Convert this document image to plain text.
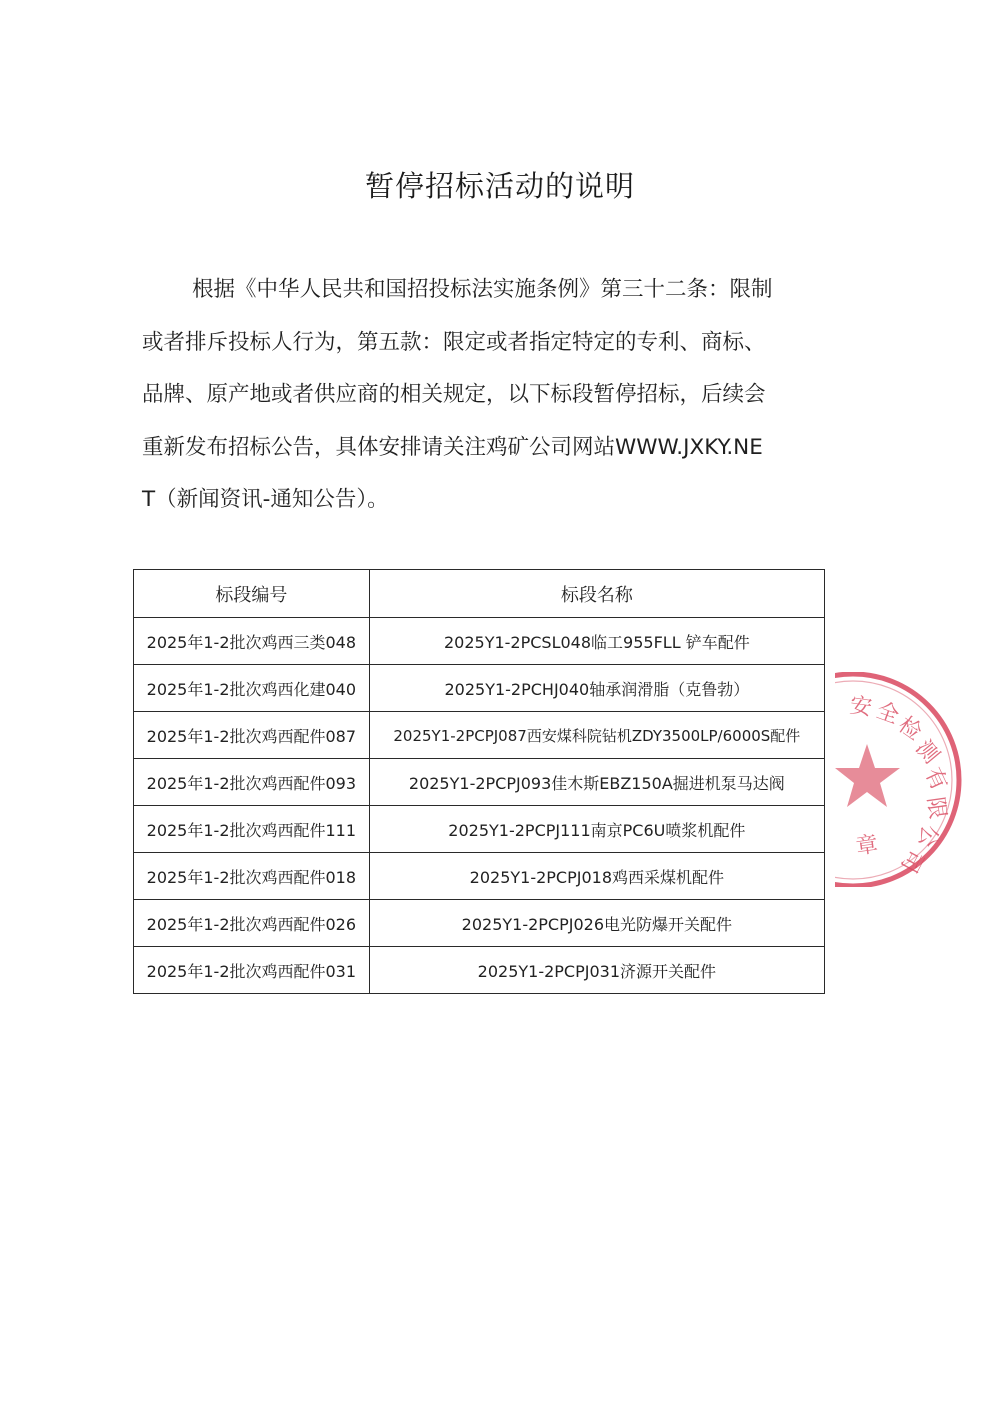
暂停招标活动的说明
根据《中华人民共和国招投标法实施条例》第三十二条：限制
或者排斥投标人行为，第五款：限定或者指定特定的专利、商标、
品牌、原产地或者供应商的相关规定，以下标段暂停招标，后续会
重新发布招标公告，具体安排请关注鸡矿公司网站WWW.JXKY.NE
T（新闻资讯-通知公告）。
标段编号	标段名称
2025年1-2批次鸡西三类048	2025Y1-2PCSL048临工955FLL 铲车配件
2025年1-2批次鸡西化建040	2025Y1-2PCHJ040轴承润滑脂（克鲁勃）
2025年1-2批次鸡西配件087	2025Y1-2PCPJ087西安煤科院钻机ZDY3500LP/6000S配件
2025年1-2批次鸡西配件093	2025Y1-2PCPJ093佳木斯EBZ150A掘进机泵马达阀
2025年1-2批次鸡西配件111	2025Y1-2PCPJ111南京PC6U喷浆机配件
2025年1-2批次鸡西配件018	2025Y1-2PCPJ018鸡西采煤机配件
2025年1-2批次鸡西配件026	2025Y1-2PCPJ026电光防爆开关配件
2025年1-2批次鸡西配件031	2025Y1-2PCPJ031济源开关配件
安 全
检
测
有
限
公
司
章
